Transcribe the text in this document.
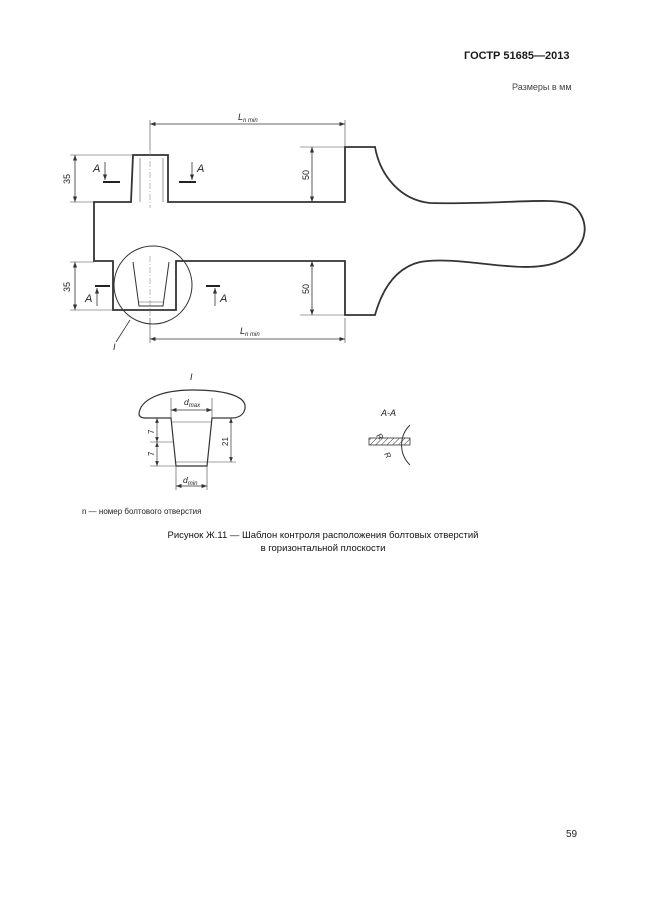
ГОСТР 51685—2013
Размеры в мм
I
$L_{n min}$
$L_{n min}$
35
35
50
50
A	A
A	A
I
$d_{max}$
$d_{min}$
7
7
21
А-А
R
R
n — номер болтового отверстия
Рисунок Ж.11 — Шаблон контроля расположения болтовых отверстий
в горизонтальной плоскости
59
